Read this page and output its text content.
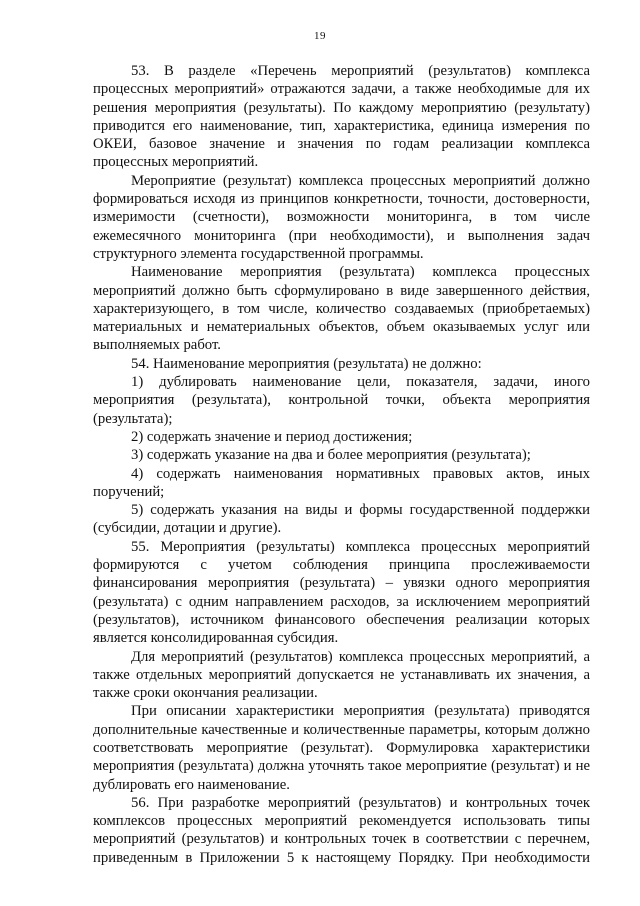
19

53. В разделе «Перечень мероприятий (результатов) комплекса процессных мероприятий» отражаются задачи, а также необходимые для их решения мероприятия (результаты). По каждому мероприятию (результату) приводится его наименование, тип, характеристика, единица измерения по ОКЕИ, базовое значение и значения по годам реализации комплекса процессных мероприятий.

Мероприятие (результат) комплекса процессных мероприятий должно формироваться исходя из принципов конкретности, точности, достоверности, измеримости (счетности), возможности мониторинга, в том числе ежемесячного мониторинга (при необходимости), и выполнения задач структурного элемента государственной программы.

Наименование мероприятия (результата) комплекса процессных мероприятий должно быть сформулировано в виде завершенного действия, характеризующего, в том числе, количество создаваемых (приобретаемых) материальных и нематериальных объектов, объем оказываемых услуг или выполняемых работ.

54. Наименование мероприятия (результата) не должно:

1) дублировать наименование цели, показателя, задачи, иного мероприятия (результата), контрольной точки, объекта мероприятия (результата);

2) содержать значение и период достижения;

3) содержать указание на два и более мероприятия (результата);

4) содержать наименования нормативных правовых актов, иных поручений;

5) содержать указания на виды и формы государственной поддержки (субсидии, дотации и другие).

55. Мероприятия (результаты) комплекса процессных мероприятий формируются с учетом соблюдения принципа прослеживаемости финансирования мероприятия (результата) – увязки одного мероприятия (результата) с одним направлением расходов, за исключением мероприятий (результатов), источником финансового обеспечения реализации которых является консолидированная субсидия.

Для мероприятий (результатов) комплекса процессных мероприятий, а также отдельных мероприятий допускается не устанавливать их значения, а также сроки окончания реализации.

При описании характеристики мероприятия (результата) приводятся дополнительные качественные и количественные параметры, которым должно соответствовать мероприятие (результат). Формулировка характеристики мероприятия (результата) должна уточнять такое мероприятие (результат) и не дублировать его наименование.

56. При разработке мероприятий (результатов) и контрольных точек комплексов процессных мероприятий рекомендуется использовать типы мероприятий (результатов) и контрольных точек в соответствии с перечнем, приведенным в Приложении 5 к настоящему Порядку. При необходимости
